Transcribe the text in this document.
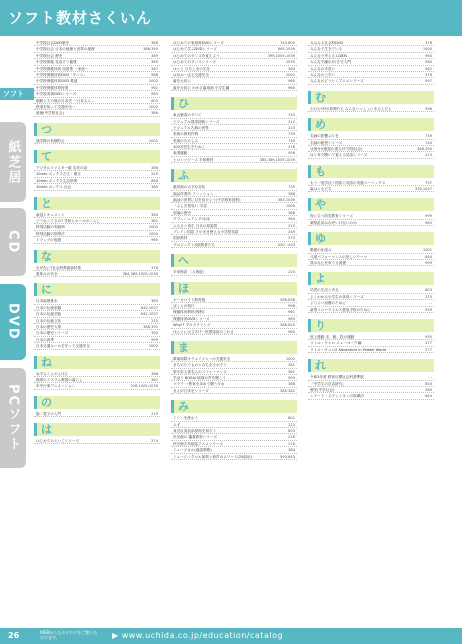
ソフト教材さくいん
ソフト
紙芝居
CD
DVD
PCソフト
中学校社会DVD歴史	386
中学校社会 日本の地理と世界の地理	386,390
中学校社会 歴史	389
中学校保健 見直そう健康	385
中学校保健体育 用語集 〜家庭〜	387
中学校保健体育DVD「ダンス」	966
中学校保健体育DVD 柔道	1002
中学校保健体育授業	962
中学校美術DVDシリーズ	963
朝鮮とその後の日本史 ～日本人と…	603
鉄道を知って交通安全～	1002
道徳(中学校社会)	386
つ
通学路の危険防止	1001
て
デジタルリマスター版 名作の話	386
10min.ボックス古文・漢文	225
10min.ボックス生活指導	864
10min.ボックス 社会	389
と
童謡ドキュメント	385
どうなってるの? 学校とルールのくらし	381
特別活動の実践例	1004
特別活動の指導法	1004
ドラッグの危険	965
な
なぜなに?社会科教養資料集	378
夏休みの安全	384,389,1005,1039
に
日本地理基本	385
日本の伝統楽器	642,1037
日本の伝統芸能	642,1037
日本の伝統文化	215
日本の歴史人物	386,391
日本の歴史シリーズ	390
日本の四季	999
日本交通ルールを守って交通安全	1002
ね
ねずみくんのえほん	386
熱帯のイスラム教国の暮らし	387
年中行事アニメーション	216,1005,1039
の
脳・電子の入門	219
は
はじめてのえいごシリーズ	274
はじめての家庭科DVDシリーズ	745,800
はじめて学ぶDVDシリーズ	965,1039
はじめてのダンスを覚えよう	399,1005,1039
はじめてのダンスシリーズ	1035
はとよ ひろしまの空を	384
はなか～ばる交通安全	1002
歯を大切に	960
歯を大切に わかる歯周病 小学生編	960
ひ
東山魁夷のすべて	743
ビジュアル国語辞典シリーズ	212
ビジュアル古典の世界	223
美術の教材作例	739
美術のたのしみ	739
100万回生きたねこ	218
表現運動	956
ヒロシマピース 平和教材	384,389,1005,1039
ふ
風景画の大きな変化	739
福祉作業所 ファッション	388
福祉の世界に目を向けよう(中学校家庭科)	383,1039
「ふしぎ発見!」手話	1000
部落の歴史	388
プラッシュアップ!水泳	964
ふるさと再生 日本の原風景	215
ブレイン国語 そのまま使える小学校英語	249
国語教材	273
プロジェクトX挑戦者たち	430～433
へ
平家物語 〈人物絵〉	224
ほ
ボーカロイド教育版	586,638
ぼくらの旅行	998
保健体育教材(保科)	961
保健体育DVDシリーズ	963
Why!? プログラミング	586,625
ほんとに大丈夫!?一性感染症のこわさ	960
ま
萬葉和歌キラメイジャーの交通安全	1002
まちのたてものとみちをさがそう	381
祭を彩る著名人のパフォーマンス	381
学ぼう BOSAI 地球の声を聞こう	999
マララ 一教育を求めて闘う少女	388
まんが日本史シリーズ	380,382
み
ミシンを使おう	801
みず	223
身近な食品添加物を知ろう	803
民芸館の 鑑賞教材シリーズ	216
民芸館古布地巡アニメシリーズ	216
ミュージカル(童謡唱歌)	384
ミュージックベル演奏と和声のメソード(25曲用)	593,643
みみみる社会科DVD	378
みんなで生きている	1000
みんなで考える LGBTs	960
みんなで踊れ!行き方入門	960
みんなの手洗い	962
みんなの上手い	378
みんなのどうとくアニメシリーズ	997
む
むむむ!村の仲間たち みんないっしょにあるんだよ	996
め
名画の影響ぶりを	739
名画の秘密シリーズ	744
目指せ!(雅道の達人(中学校社会)	386,390
目と耳で聴いて覚える英語シリーズ	215
も
もう一度学ぼう国語と英語の実践ベーシックス	737
森はともだち	378,1037
や
役に立つ防災教育シリーズ	999
薬物乱用はなぜいけないのか	965
ゆ
郵便の仕組み	1001
弓道パフォーマンスの美しいテーマ	644
豊かな心を育てる道徳	999
よ
幼児の生活と安全	803
よくわかる小学生の体育シリーズ	375
よりよい治療のために	…
新型コロナウイルス感染予防のために	959
り
陸上運動 走、跳、投の運動	955
リトル・チャロ ニューヨーク編	277
リトル・チャロ2 Adventure in Middle World	277
れ
令和3年度 教育目標社会科基準版	…
「中学生の自由研究」	640
歴史(中学社会)	389
レナード・スラットキンの指揮法	644
26	WEBからもカタログをご覧いただけます。	▶ www.uchida.co.jp/education/catalog
